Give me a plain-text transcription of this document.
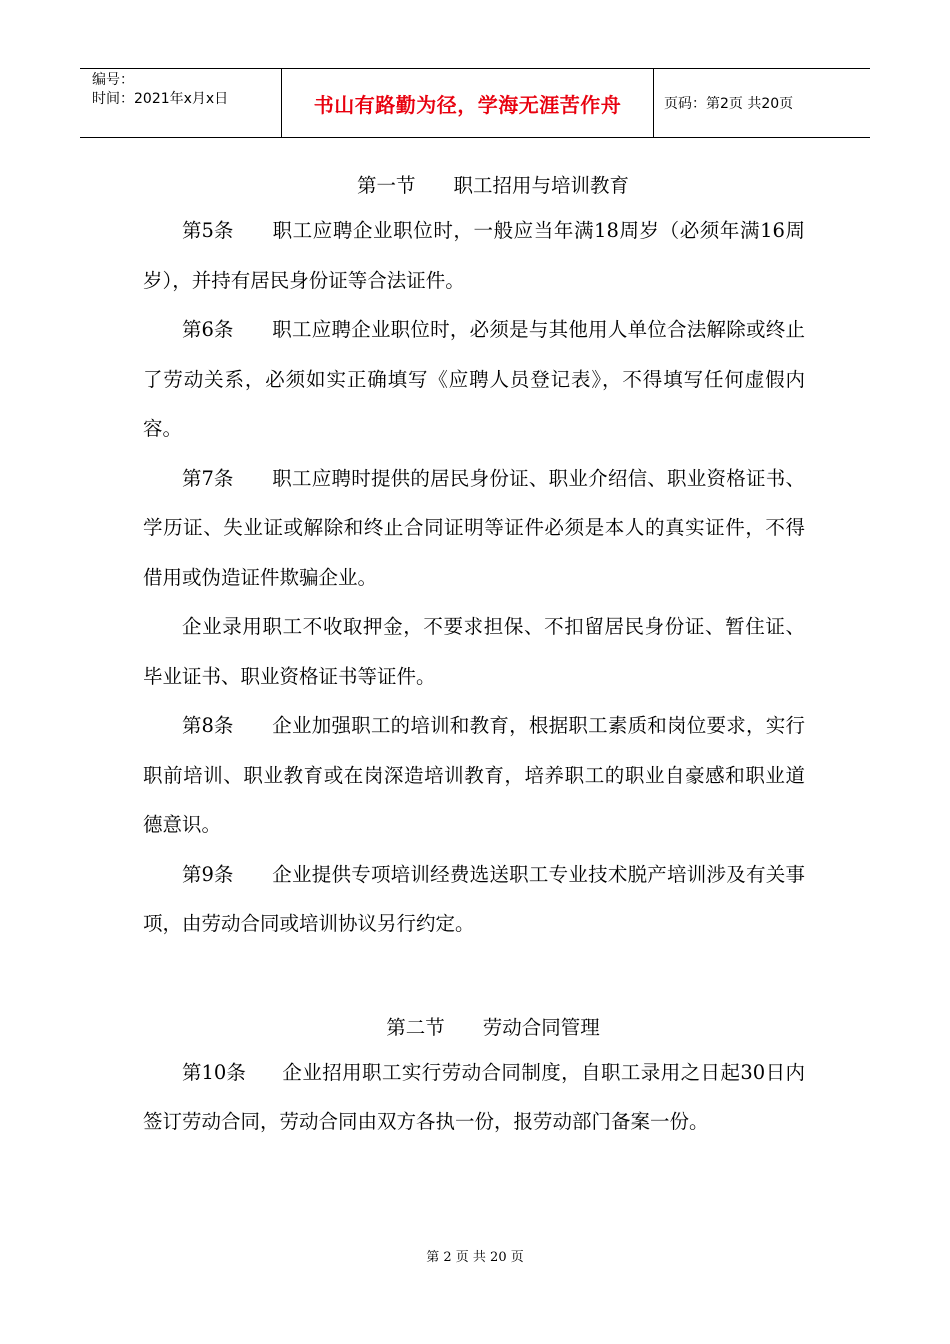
编号：
时间：2021年x月x日	书山有路勤为径，学海无涯苦作舟	页码：第2页 共20页
第一节 职工招用与培训教育

第5条 职工应聘企业职位时，一般应当年满18周岁（必须年满16周岁），并持有居民身份证等合法证件。

第6条 职工应聘企业职位时，必须是与其他用人单位合法解除或终止了劳动关系，必须如实正确填写《应聘人员登记表》，不得填写任何虚假内容。

第7条 职工应聘时提供的居民身份证、职业介绍信、职业资格证书、学历证、失业证或解除和终止合同证明等证件必须是本人的真实证件，不得借用或伪造证件欺骗企业。

企业录用职工不收取押金，不要求担保、不扣留居民身份证、暂住证、毕业证书、职业资格证书等证件。

第8条 企业加强职工的培训和教育，根据职工素质和岗位要求，实行职前培训、职业教育或在岗深造培训教育，培养职工的职业自豪感和职业道德意识。

第9条 企业提供专项培训经费选送职工专业技术脱产培训涉及有关事项，由劳动合同或培训协议另行约定。

第二节 劳动合同管理

第10条 企业招用职工实行劳动合同制度，自职工录用之日起30日内签订劳动合同，劳动合同由双方各执一份，报劳动部门备案一份。

第 2 页 共 20 页
